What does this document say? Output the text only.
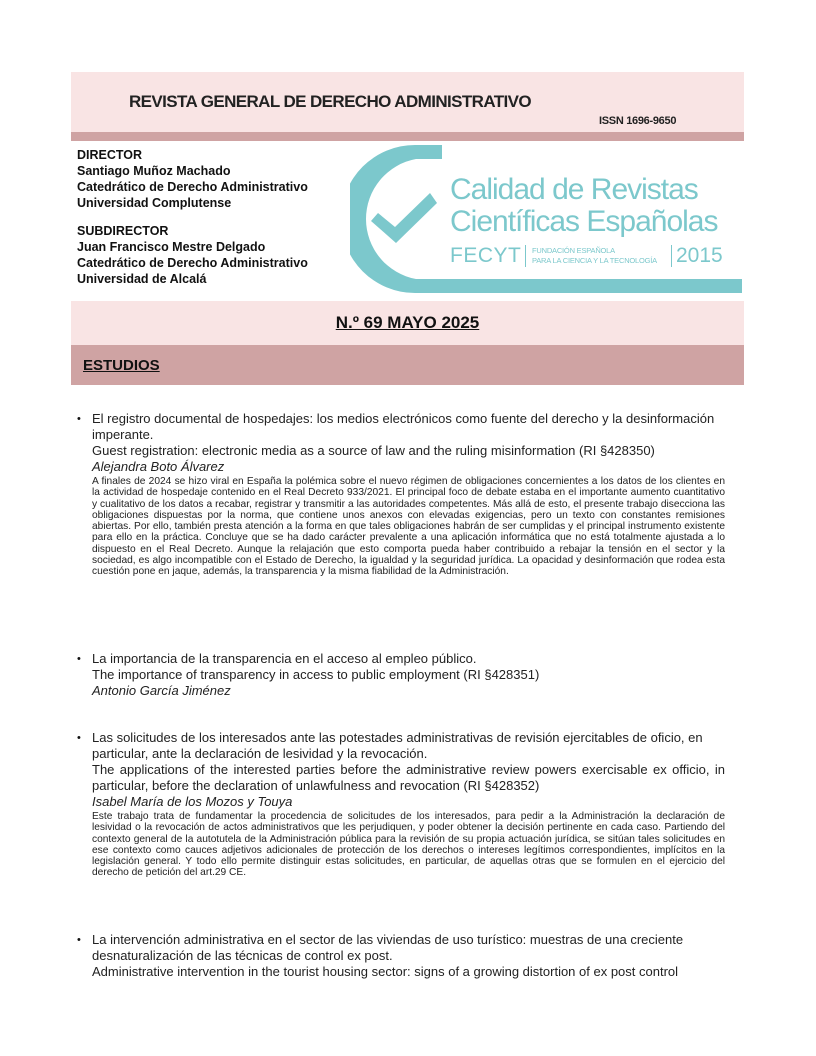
REVISTA GENERAL DE DERECHO ADMINISTRATIVO
ISSN 1696-9650
DIRECTOR
Santiago Muñoz Machado
Catedrático de Derecho Administrativo
Universidad Complutense
SUBDIRECTOR
Juan Francisco Mestre Delgado
Catedrático de Derecho Administrativo
Universidad de Alcalá
Calidad de Revistas
Científicas Españolas
FECYT FUNDACIÓN ESPAÑOLA
PARA LA CIENCIA Y LA TECNOLOGÍA 2015
N.º 69 MAYO 2025
ESTUDIOS
• El registro documental de hospedajes: los medios electrónicos como fuente del derecho y la desinformación imperante.
Guest registration: electronic media as a source of law and the ruling misinformation (RI §428350)
Alejandra Boto Álvarez
A finales de 2024 se hizo viral en España la polémica sobre el nuevo régimen de obligaciones concernientes a los datos de los clientes en la actividad de hospedaje contenido en el Real Decreto 933/2021. El principal foco de debate estaba en el importante aumento cuantitativo y cualitativo de los datos a recabar, registrar y transmitir a las autoridades competentes. Más allá de esto, el presente trabajo disecciona las obligaciones dispuestas por la norma, que contiene unos anexos con elevadas exigencias, pero un texto con constantes remisiones abiertas. Por ello, también presta atención a la forma en que tales obligaciones habrán de ser cumplidas y el principal instrumento existente para ello en la práctica. Concluye que se ha dado carácter prevalente a una aplicación informática que no está totalmente ajustada a lo dispuesto en el Real Decreto. Aunque la relajación que esto comporta pueda haber contribuido a rebajar la tensión en el sector y la sociedad, es algo incompatible con el Estado de Derecho, la igualdad y la seguridad jurídica. La opacidad y desinformación que rodea esta cuestión pone en jaque, además, la transparencia y la misma fiabilidad de la Administración.
• La importancia de la transparencia en el acceso al empleo público.
The importance of transparency in access to public employment (RI §428351)
Antonio García Jiménez
• Las solicitudes de los interesados ante las potestades administrativas de revisión ejercitables de oficio, en particular, ante la declaración de lesividad y la revocación.
The applications of the interested parties before the administrative review powers exercisable ex officio, in particular, before the declaration of unlawfulness and revocation (RI §428352)
Isabel María de los Mozos y Touya
Este trabajo trata de fundamentar la procedencia de solicitudes de los interesados, para pedir a la Administración la declaración de lesividad o la revocación de actos administrativos que les perjudiquen, y poder obtener la decisión pertinente en cada caso. Partiendo del contexto general de la autotutela de la Administración pública para la revisión de su propia actuación jurídica, se sitúan tales solicitudes en ese contexto como cauces adjetivos adicionales de protección de los derechos o intereses legítimos correspondientes, implícitos en la legislación general. Y todo ello permite distinguir estas solicitudes, en particular, de aquellas otras que se formulen en el ejercicio del derecho de petición del art.29 CE.
• La intervención administrativa en el sector de las viviendas de uso turístico: muestras de una creciente desnaturalización de las técnicas de control ex post.
Administrative intervention in the tourist housing sector: signs of a growing distortion of ex post control
